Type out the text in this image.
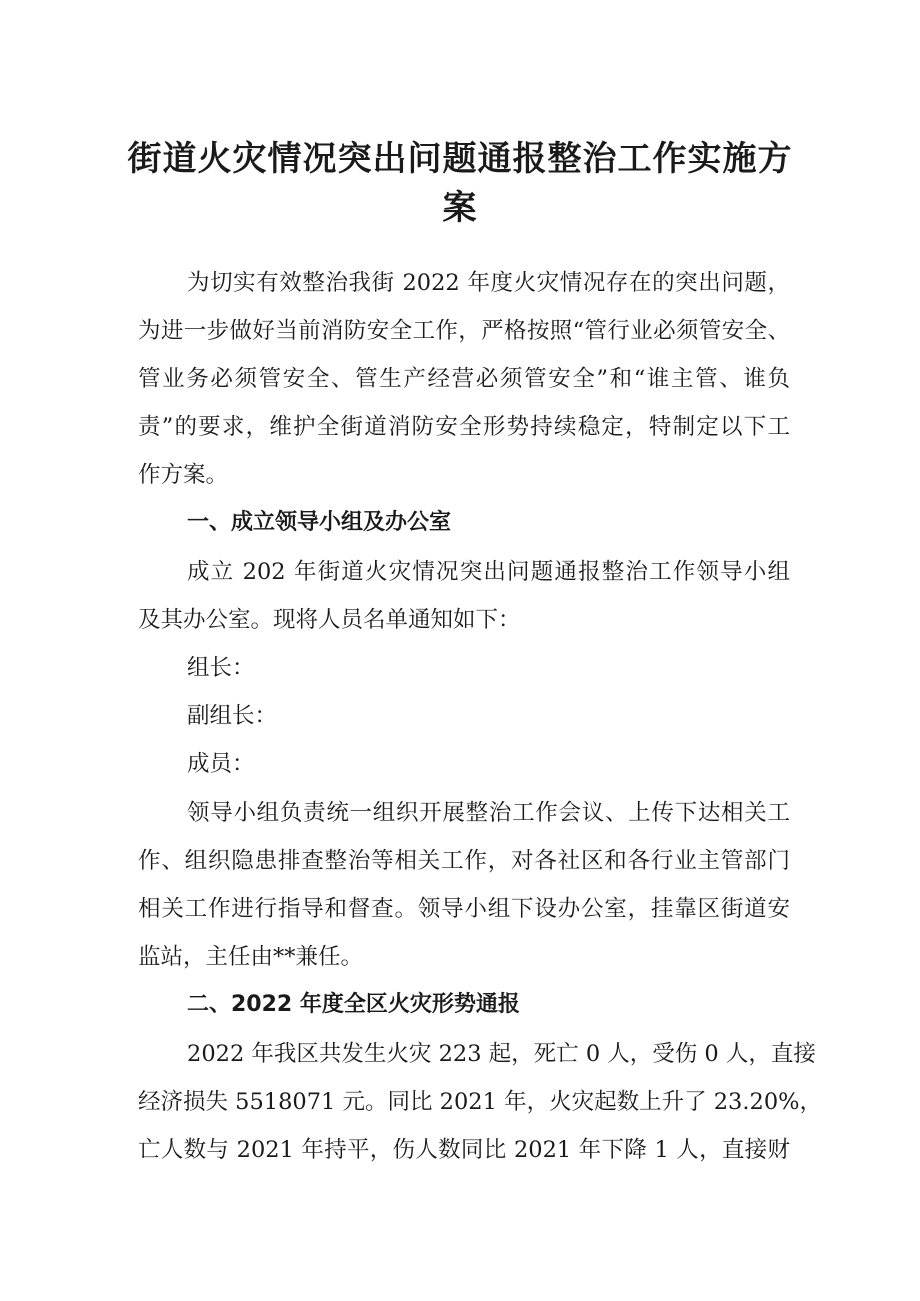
街道火灾情况突出问题通报整治工作实施方
案
为切实有效整治我街 2022 年度火灾情况存在的突出问题，
为进一步做好当前消防安全工作，严格按照“管行业必须管安全、
管业务必须管安全、管生产经营必须管安全”和“谁主管、谁负
责”的要求，维护全街道消防安全形势持续稳定，特制定以下工
作方案。
一、成立领导小组及办公室
成立 202 年街道火灾情况突出问题通报整治工作领导小组
及其办公室。现将人员名单通知如下：
组长：
副组长：
成员：
领导小组负责统一组织开展整治工作会议、上传下达相关工
作、组织隐患排查整治等相关工作，对各社区和各行业主管部门
相关工作进行指导和督查。领导小组下设办公室，挂靠区街道安
监站，主任由**兼任。
二、2022 年度全区火灾形势通报
2022 年我区共发生火灾 223 起，死亡 0 人，受伤 0 人，直接
经济损失 5518071 元。同比 2021 年，火灾起数上升了 23.20%，
亡人数与 2021 年持平，伤人数同比 2021 年下降 1 人，直接财
